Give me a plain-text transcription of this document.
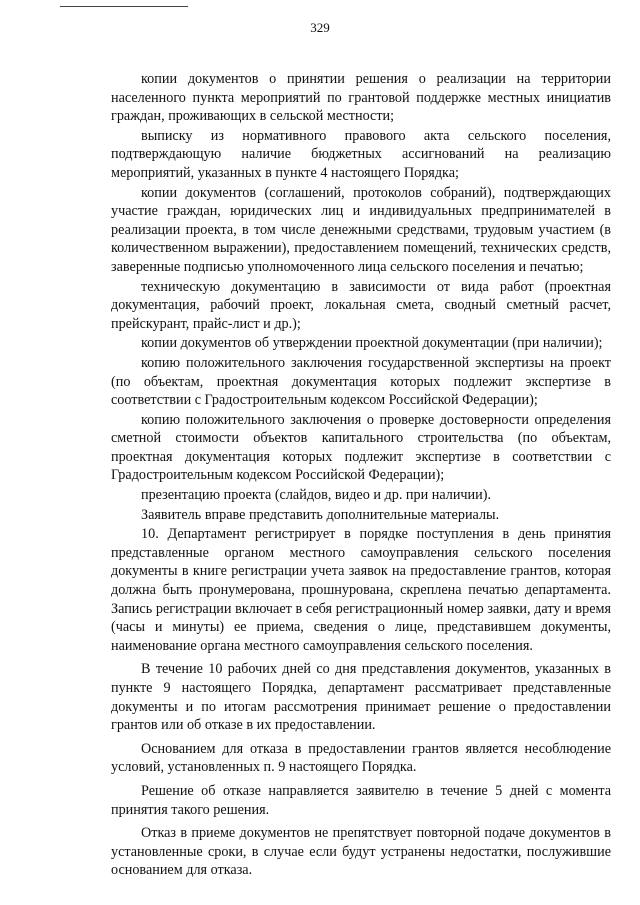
329

копии документов о принятии решения о реализации на территории населенного пункта мероприятий по грантовой поддержке местных инициатив граждан, проживающих в сельской местности;

выписку из нормативного правового акта сельского поселения, подтверждающую наличие бюджетных ассигнований на реализацию мероприятий, указанных в пункте 4 настоящего Порядка;

копии документов (соглашений, протоколов собраний), подтверждающих участие граждан, юридических лиц и индивидуальных предпринимателей в реализации проекта, в том числе денежными средствами, трудовым участием (в количественном выражении), предоставлением помещений, технических средств, заверенные подписью уполномоченного лица сельского поселения и печатью;

техническую документацию в зависимости от вида работ (проектная документация, рабочий проект, локальная смета, сводный сметный расчет, прейскурант, прайс-лист и др.);

копии документов об утверждении проектной документации (при наличии);

копию положительного заключения государственной экспертизы на проект (по объектам, проектная документация которых подлежит экспертизе в соответствии с Градостроительным кодексом Российской Федерации);

копию положительного заключения о проверке достоверности определения сметной стоимости объектов капитального строительства (по объектам, проектная документация которых подлежит экспертизе в соответствии с Градостроительным кодексом Российской Федерации);

презентацию проекта (слайдов, видео и др. при наличии).

Заявитель вправе представить дополнительные материалы.

10. Департамент регистрирует в порядке поступления в день принятия представленные органом местного самоуправления сельского поселения документы в книге регистрации учета заявок на предоставление грантов, которая должна быть пронумерована, прошнурована, скреплена печатью департамента. Запись регистрации включает в себя регистрационный номер заявки, дату и время (часы и минуты) ее приема, сведения о лице, представившем документы, наименование органа местного самоуправления сельского поселения.

В течение 10 рабочих дней со дня представления документов, указанных в пункте 9 настоящего Порядка, департамент рассматривает представленные документы и по итогам рассмотрения принимает решение о предоставлении грантов или об отказе в их предоставлении.

Основанием для отказа в предоставлении грантов является несоблюдение условий, установленных п. 9 настоящего Порядка.

Решение об отказе направляется заявителю в течение 5 дней с момента принятия такого решения.

Отказ в приеме документов не препятствует повторной подаче документов в установленные сроки, в случае если будут устранены недостатки, послужившие основанием для отказа.
